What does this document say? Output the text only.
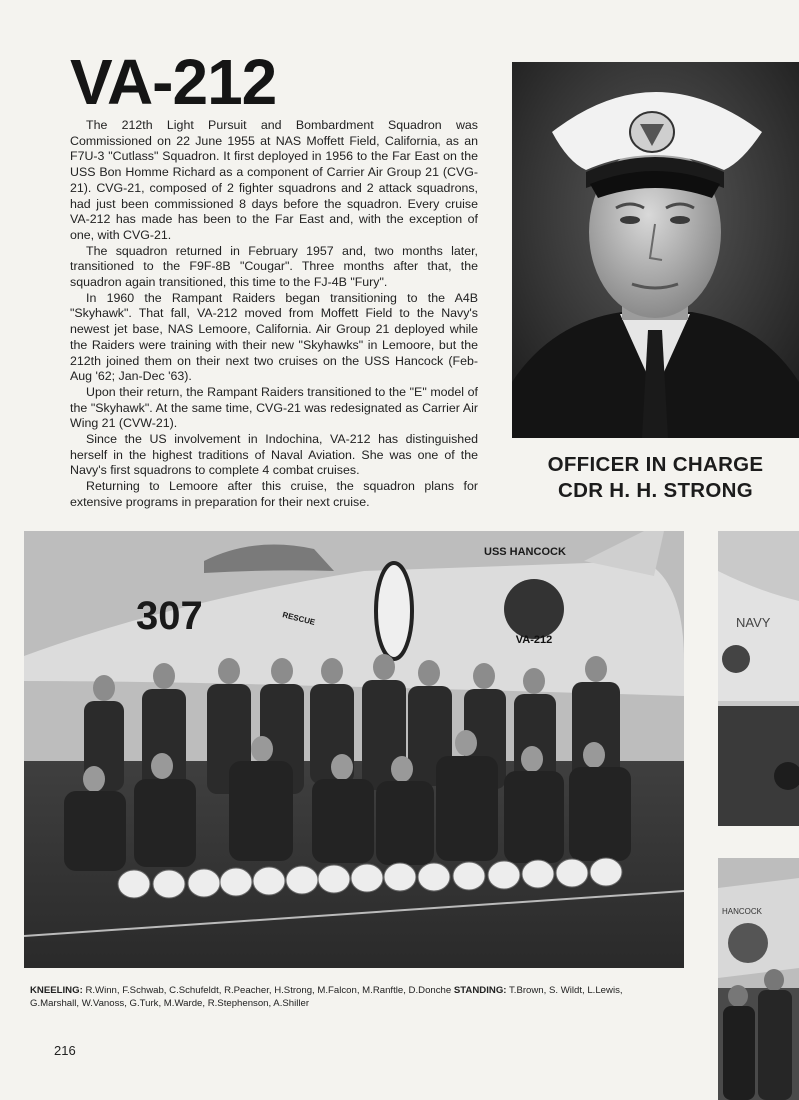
VA-212

The 212th Light Pursuit and Bombardment Squadron was Commissioned on 22 June 1955 at NAS Moffett Field, California, as an F7U-3 "Cutlass" Squadron. It first deployed in 1956 to the Far East on the USS Bon Homme Richard as a component of Carrier Air Group 21 (CVG-21). CVG-21, composed of 2 fighter squadrons and 2 attack squadrons, had just been commissioned 8 days before the squadron. Every cruise VA-212 has made has been to the Far East and, with the exception of one, with CVG-21.

The squadron returned in February 1957 and, two months later, transitioned to the F9F-8B "Cougar". Three months after that, the squadron again transitioned, this time to the FJ-4B "Fury".

In 1960 the Rampant Raiders began transitioning to the A4B "Skyhawk". That fall, VA-212 moved from Moffett Field to the Navy's newest jet base, NAS Lemoore, California. Air Group 21 deployed while the Raiders were training with their new "Skyhawks" in Lemoore, but the 212th joined them on their next two cruises on the USS Hancock (Feb-Aug '62; Jan-Dec '63).

Upon their return, the Rampant Raiders transitioned to the "E" model of the "Skyhawk". At the same time, CVG-21 was redesignated as Carrier Air Wing 21 (CVW-21).

Since the US involvement in Indochina, VA-212 has distinguished herself in the highest traditions of Naval Aviation. She was one of the Navy's first squadrons to complete 4 combat cruises.

Returning to Lemoore after this cruise, the squadron plans for extensive programs in preparation for their next cruise.

OFFICER IN CHARGE
CDR H. H. STRONG
VA-212
307
USS HANCOCK
RESCUE	NAVY
HANCOCK
KNEELING: R.Winn, F.Schwab, C.Schufeldt, R.Peacher, H.Strong, M.Falcon, M.Ranftle, D.Donche STANDING: T.Brown, S. Wildt, L.Lewis, G.Marshall, W.Vanoss, G.Turk, M.Warde, R.Stephenson, A.Shiller
216
